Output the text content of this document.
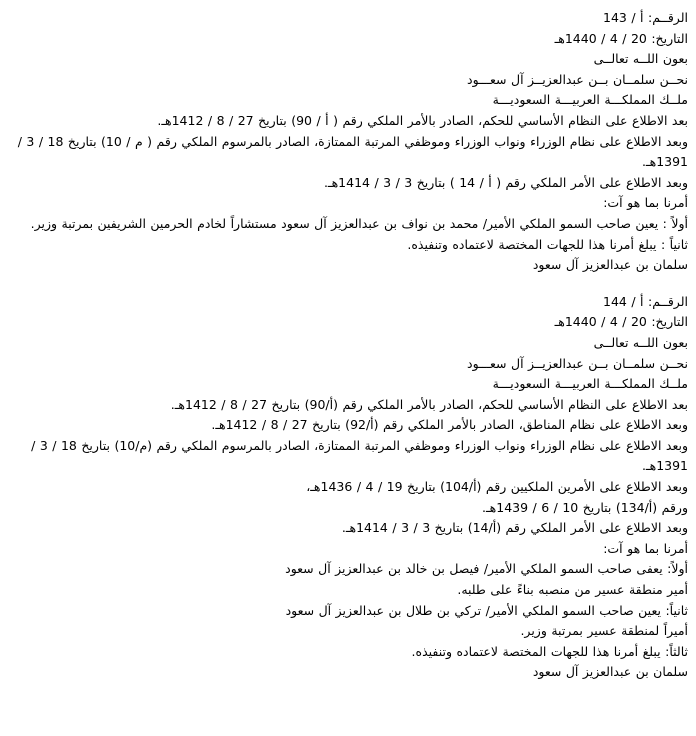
الرقــم: أ / 143

التاريخ: 20 / 4 / 1440هـ

بعون اللــه تعالــى

نحــن سلمــان بــن عبدالعزيــز آل سعـــود

ملــك المملكـــة العربيـــة السعوديـــة

بعد الاطلاع على النظام الأساسي للحكم، الصادر بالأمر الملكي رقم ( أ / 90) بتاريخ 27 / 8 / 1412هـ.

وبعد الاطلاع على نظام الوزراء ونواب الوزراء وموظفي المرتبة الممتازة، الصادر بالمرسوم الملكي رقم ( م / 10) بتاريخ 18 / 3 / 1391هـ.

وبعد الاطلاع على الأمر الملكي رقم ( أ / 14 ) بتاريخ 3 / 3 / 1414هـ.

أمرنا بما هو آت:

أولاً : يعين صاحب السمو الملكي الأمير/ محمد بن نواف بن عبدالعزيز آل سعود مستشاراً لخادم الحرمين الشريفين بمرتبة وزير.

ثانياً : يبلغ أمرنا هذا للجهات المختصة لاعتماده وتنفيذه.

سلمان بن عبدالعزيز آل سعود

الرقــم: أ / 144

التاريخ: 20 / 4 / 1440هـ

بعون اللــه تعالــى

نحــن سلمــان بــن عبدالعزيــز آل سعـــود

ملــك المملكـــة العربيـــة السعوديـــة

بعد الاطلاع على النظام الأساسي للحكم، الصادر بالأمر الملكي رقم (أ/90) بتاريخ 27 / 8 / 1412هـ.

وبعد الاطلاع على نظام المناطق، الصادر بالأمر الملكي رقم (أ/92) بتاريخ 27 / 8 / 1412هـ.

وبعد الاطلاع على نظام الوزراء ونواب الوزراء وموظفي المرتبة الممتازة، الصادر بالمرسوم الملكي رقم (م/10) بتاريخ 18 / 3 / 1391هـ.

وبعد الاطلاع على الأمرين الملكيين رقم (أ/104) بتاريخ 19 / 4 / 1436هـ،

ورقم (أ/134) بتاريخ 10 / 6 / 1439هـ.

وبعد الاطلاع على الأمر الملكي رقم (أ/14) بتاريخ 3 / 3 / 1414هـ.

أمرنا بما هو آت:

أولاً: يعفى صاحب السمو الملكي الأمير/ فيصل بن خالد بن عبدالعزيز آل سعود

أمير منطقة عسير من منصبه بناءً على طلبه.

ثانياً: يعين صاحب السمو الملكي الأمير/ تركي بن طلال بن عبدالعزيز آل سعود

أميراً لمنطقة عسير بمرتبة وزير.

ثالثاً: يبلغ أمرنا هذا للجهات المختصة لاعتماده وتنفيذه.

سلمان بن عبدالعزيز آل سعود
